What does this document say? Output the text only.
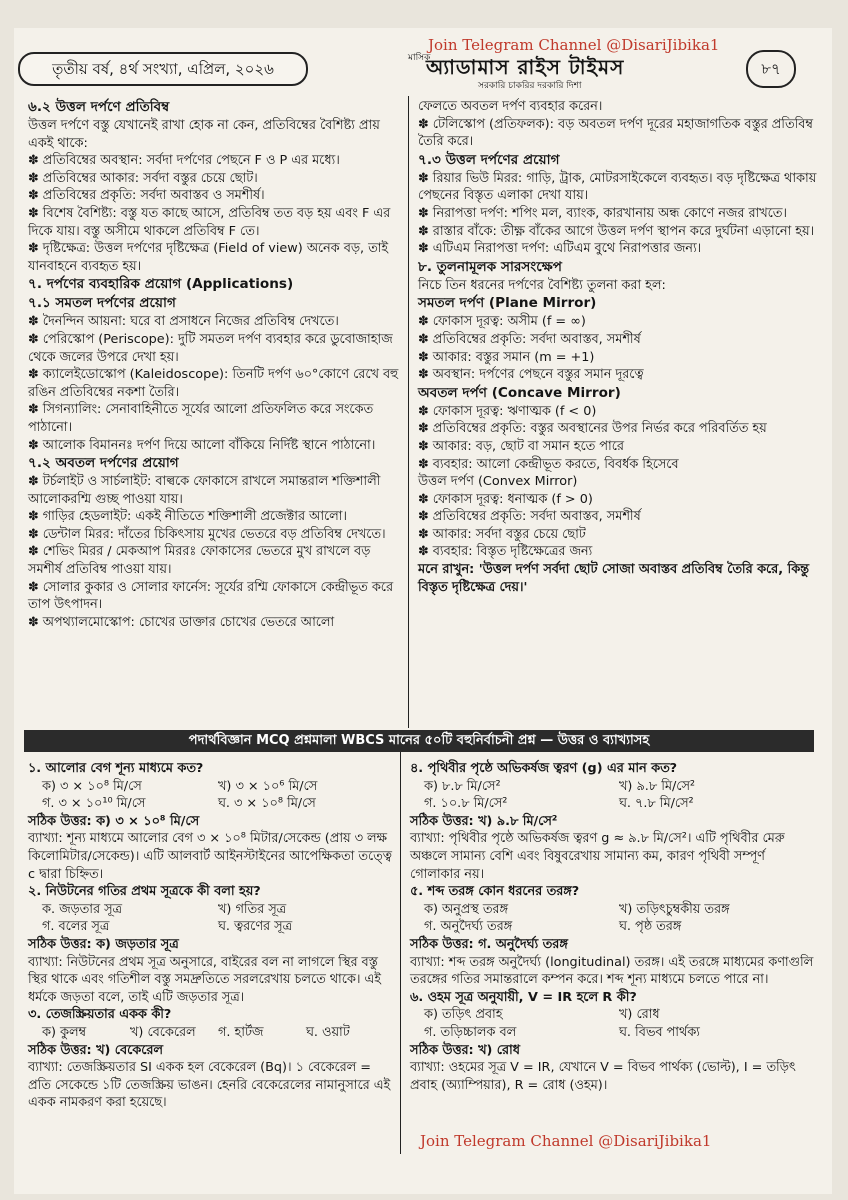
Join Telegram Channel @DisariJibika1
তৃতীয় বর্ষ, ৪র্থ সংখ্যা, এপ্রিল, ২০২৬
মাসিক
অ্যাডামাস রাইস টাইমস
সরকারি চাকরির দরকারি দিশা
৮৭
৬.২ উত্তল দর্পণে প্রতিবিম্ব

উত্তল দর্পণে বস্তু যেখানেই রাখা হোক না কেন, প্রতিবিম্বের বৈশিষ্ট্য প্রায় একই থাকে:

✽ প্রতিবিম্বের অবস্থান: সর্বদা দর্পণের পেছনে F ও P এর মধ্যে।

✽ প্রতিবিম্বের আকার: সর্বদা বস্তুর চেয়ে ছোট।

✽ প্রতিবিম্বের প্রকৃতি: সর্বদা অবাস্তব ও সমশীর্ষ।

✽ বিশেষ বৈশিষ্ট্য: বস্তু যত কাছে আসে, প্রতিবিম্ব তত বড় হয় এবং F এর দিকে যায়। বস্তু অসীমে থাকলে প্রতিবিম্ব F তে।

✽ দৃষ্টিক্ষেত্র: উত্তল দর্পণের দৃষ্টিক্ষেত্র (Field of view) অনেক বড়, তাই যানবাহনে ব্যবহৃত হয়।

৭. দর্পণের ব্যবহারিক প্রয়োগ (Applications)
৭.১ সমতল দর্পণের প্রয়োগ

✽ দৈনন্দিন আয়না: ঘরে বা প্রসাধনে নিজের প্রতিবিম্ব দেখতে।

✽ পেরিস্কোপ (Periscope): দুটি সমতল দর্পণ ব্যবহার করে ডুবোজাহাজ থেকে জলের উপরে দেখা হয়।

✽ ক্যালেইডোস্কোপ (Kaleidoscope): তিনটি দর্পণ ৬০°কোণে রেখে বহু রঙিন প্রতিবিম্বের নকশা তৈরি।

✽ সিগন্যালিং: সেনাবাহিনীতে সূর্যের আলো প্রতিফলিত করে সংকেত পাঠানো।

✽ আলোক বিমাননঃ দর্পণ দিয়ে আলো বাঁকিয়ে নির্দিষ্ট স্থানে পাঠানো।

৭.২ অবতল দর্পণের প্রয়োগ

✽ টর্চলাইট ও সার্চলাইট: বাল্বকে ফোকাসে রাখলে সমান্তরাল শক্তিশালী আলোকরশ্মি গুচ্ছ পাওয়া যায়।

✽ গাড়ির হেডলাইট: একই নীতিতে শক্তিশালী প্রজেক্টার আলো।

✽ ডেন্টাল মিরর: দাঁতের চিকিৎসায় মুখের ভেতরে বড় প্রতিবিম্ব দেখতে।

✽ শেভিং মিরর / মেকআপ মিররঃ ফোকাসের ভেতরে মুখ রাখলে বড় সমশীর্ষ প্রতিবিম্ব পাওয়া যায়।

✽ সোলার কুকার ও সোলার ফার্নেস: সূর্যের রশ্মি ফোকাসে কেন্দ্রীভূত করে তাপ উৎপাদন।

✽ অপথ্যালমোস্কোপ: চোখের ডাক্তার চোখের ভেতরে আলো

ফেলতে অবতল দর্পণ ব্যবহার করেন।

✽ টেলিস্কোপ (প্রতিফলক): বড় অবতল দর্পণ দূরের মহাজাগতিক বস্তুর প্রতিবিম্ব তৈরি করে।

৭.৩ উত্তল দর্পণের প্রয়োগ

✽ রিয়ার ভিউ মিরর: গাড়ি, ট্রাক, মোটরসাইকেলে ব্যবহৃত। বড় দৃষ্টিক্ষেত্র থাকায় পেছনের বিস্তৃত এলাকা দেখা যায়।

✽ নিরাপত্তা দর্পণ: শপিং মল, ব্যাংক, কারখানায় অন্ধ কোণে নজর রাখতে।

✽ রাস্তার বাঁকে: তীক্ষ্ণ বাঁকের আগে উত্তল দর্পণ স্থাপন করে দুর্ঘটনা এড়ানো হয়।

✽ এটিএম নিরাপত্তা দর্পণ: এটিএম বুথে নিরাপত্তার জন্য।

৮. তুলনামূলক সারসংক্ষেপ

নিচে তিন ধরনের দর্পণের বৈশিষ্ট্য তুলনা করা হল:

সমতল দর্পণ (Plane Mirror)

✽ ফোকাস দূরত্ব: অসীম (f = ∞)

✽ প্রতিবিম্বের প্রকৃতি: সর্বদা অবাস্তব, সমশীর্ষ

✽ আকার: বস্তুর সমান (m = +1)

✽ অবস্থান: দর্পণের পেছনে বস্তুর সমান দূরত্বে

অবতল দর্পণ (Concave Mirror)

✽ ফোকাস দূরত্ব: ঋণাত্মক (f < 0)

✽ প্রতিবিম্বের প্রকৃতি: বস্তুর অবস্থানের উপর নির্ভর করে পরিবর্তিত হয়

✽ আকার: বড়, ছোট বা সমান হতে পারে

✽ ব্যবহার: আলো কেন্দ্রীভূত করতে, বিবর্ধক হিসেবে

উত্তল দর্পণ (Convex Mirror)

✽ ফোকাস দূরত্ব: ধনাত্মক (f > 0)

✽ প্রতিবিম্বের প্রকৃতি: সর্বদা অবাস্তব, সমশীর্ষ

✽ আকার: সর্বদা বস্তুর চেয়ে ছোট

✽ ব্যবহার: বিস্তৃত দৃষ্টিক্ষেত্রের জন্য

মনে রাখুন: 'উত্তল দর্পণ সর্বদা ছোট সোজা অবাস্তব প্রতিবিম্ব তৈরি করে, কিন্তু বিস্তৃত দৃষ্টিক্ষেত্র দেয়।'

পদার্থবিজ্ঞান MCQ প্রশ্নমালা WBCS মানের ৫০টি বহুনির্বাচনী প্রশ্ন — উত্তর ও ব্যাখ্যাসহ

১. আলোর বেগ শূন্য মাধ্যমে কত?

ক) ৩ × ১০⁸ মি/সে	খ) ৩ × ১০⁶ মি/সে
গ. ৩ × ১০¹⁰ মি/সে	ঘ. ৩ × ১০⁸ মি/সে

সঠিক উত্তর: ক) ৩ × ১০⁸ মি/সে

ব্যাখ্যা: শূন্য মাধ্যমে আলোর বেগ ৩ × ১০⁸ মিটার/সেকেন্ড (প্রায় ৩ লক্ষ কিলোমিটার/সেকেন্ড)। এটি আলবার্ট আইনস্টাইনের আপেক্ষিকতা তত্ত্বে c দ্বারা চিহ্নিত।

২. নিউটনের গতির প্রথম সূত্রকে কী বলা হয়?

ক. জড়তার সূত্র	খ) গতির সূত্র
গ. বলের সূত্র	ঘ. ত্বরণের সূত্র

সঠিক উত্তর: ক) জড়তার সূত্র

ব্যাখ্যা: নিউটনের প্রথম সূত্র অনুসারে, বাইরের বল না লাগলে স্থির বস্তু স্থির থাকে এবং গতিশীল বস্তু সমদ্রুতিতে সরলরেখায় চলতে থাকে। এই ধর্মকে জড়তা বলে, তাই এটি জড়তার সূত্র।

৩. তেজস্ক্রিয়তার একক কী?

ক) কুলম্ব	খ) বেকেরেল	গ. হার্টজ	ঘ. ওয়াট

সঠিক উত্তর: খ) বেকেরেল

ব্যাখ্যা: তেজস্ক্রিয়তার SI একক হল বেকেরেল (Bq)। ১ বেকেরেল = প্রতি সেকেন্ডে ১টি তেজস্ক্রিয় ভাঙন। হেনরি বেকেরেলের নামানুসারে এই একক নামকরণ করা হয়েছে।

৪. পৃথিবীর পৃষ্ঠে অভিকর্ষজ ত্বরণ (g) এর মান কত?

ক) ৮.৮ মি/সে²	খ) ৯.৮ মি/সে²
গ. ১০.৮ মি/সে²	ঘ. ৭.৮ মি/সে²

সঠিক উত্তর: খ) ৯.৮ মি/সে²

ব্যাখ্যা: পৃথিবীর পৃষ্ঠে অভিকর্ষজ ত্বরণ g ≈ ৯.৮ মি/সে²। এটি পৃথিবীর মেরু অঞ্চলে সামান্য বেশি এবং বিষুবরেখায় সামান্য কম, কারণ পৃথিবী সম্পূর্ণ গোলাকার নয়।

৫. শব্দ তরঙ্গ কোন ধরনের তরঙ্গ?

ক) অনুপ্রস্থ তরঙ্গ	খ) তড়িৎচুম্বকীয় তরঙ্গ
গ. অনুদৈর্ঘ্য তরঙ্গ	ঘ. পৃষ্ঠ তরঙ্গ

সঠিক উত্তর: গ. অনুদৈর্ঘ্য তরঙ্গ

ব্যাখ্যা: শব্দ তরঙ্গ অনুদৈর্ঘ্য (longitudinal) তরঙ্গ। এই তরঙ্গে মাধ্যমের কণাগুলি তরঙ্গের গতির সমান্তরালে কম্পন করে। শব্দ শূন্য মাধ্যমে চলতে পারে না।

৬. ওহম সূত্র অনুযায়ী, V = IR হলে R কী?

ক) তড়িৎ প্রবাহ	খ) রোধ
গ. তড়িচ্চালক বল	ঘ. বিভব পার্থক্য

সঠিক উত্তর: খ) রোধ

ব্যাখ্যা: ওহমের সূত্র V = IR, যেখানে V = বিভব পার্থক্য (ভোল্ট), I = তড়িৎ প্রবাহ (অ্যাম্পিয়ার), R = রোধ (ওহম)।

Join Telegram Channel @DisariJibika1
